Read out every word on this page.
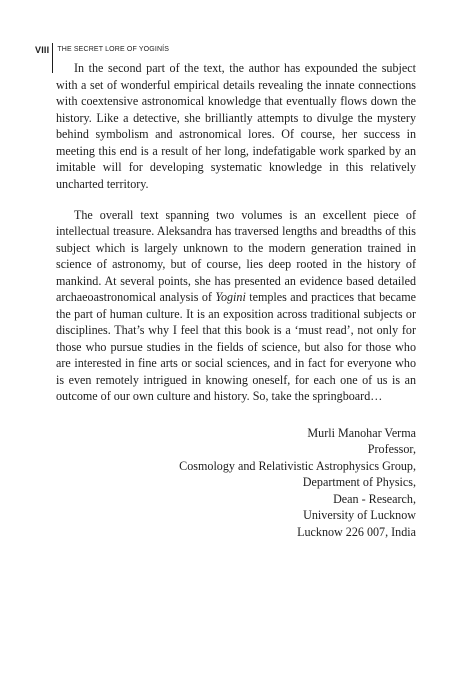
VIII THE SECRET LORE OF YOGINÍS

In the second part of the text, the author has expounded the subject with a set of wonderful empirical details revealing the innate connections with coextensive astronomical knowledge that eventually flows down the history. Like a detective, she brilliantly attempts to divulge the mystery behind symbolism and astronomical lores. Of course, her success in meeting this end is a result of her long, indefatigable work sparked by an imitable will for developing systematic knowledge in this relatively uncharted territory.

The overall text spanning two volumes is an excellent piece of intellectual treasure. Aleksandra has traversed lengths and breadths of this subject which is largely unknown to the modern generation trained in science of astronomy, but of course, lies deep rooted in the history of mankind. At several points, she has presented an evidence based detailed archaeoastronomical analysis of Yogini temples and practices that became the part of human culture. It is an exposition across traditional subjects or disciplines. That’s why I feel that this book is a ‘must read’, not only for those who pursue studies in the fields of science, but also for those who are interested in fine arts or social sciences, and in fact for everyone who is even remotely intrigued in knowing oneself, for each one of us is an outcome of our own culture and history. So, take the springboard…

Murli Manohar Verma
Professor,
Cosmology and Relativistic Astrophysics Group,
Department of Physics,
Dean - Research,
University of Lucknow
Lucknow 226 007, India
